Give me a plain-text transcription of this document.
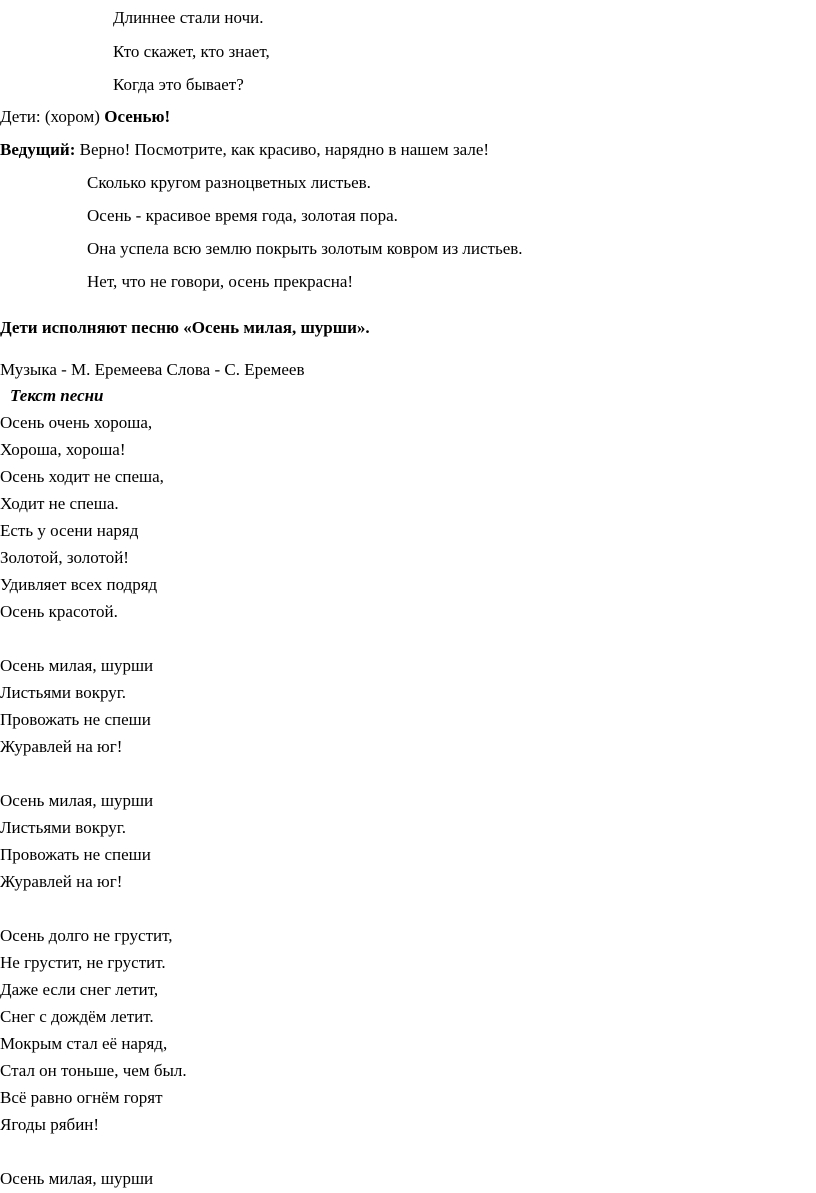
Длиннее стали ночи.
Кто скажет, кто знает,
Когда это бывает?
Дети: (хором) Осенью!
Ведущий: Верно! Посмотрите, как красиво, нарядно в нашем зале!
Сколько кругом разноцветных листьев.
Осень - красивое время года, золотая пора.
Она успела всю землю покрыть золотым ковром из листьев.
Нет, что не говори, осень прекрасна!
Дети исполняют песню «Осень милая, шурши».
Музыка - М. Еремеева Слова - С. Еремеев
Текст песни
Осень очень хороша,
Хороша, хороша!
Осень ходит не спеша,
Ходит не спеша.
Есть у осени наряд
Золотой, золотой!
Удивляет всех подряд
Осень красотой.
Осень милая, шурши
Листьями вокруг.
Провожать не спеши
Журавлей на юг!
Осень милая, шурши
Листьями вокруг.
Провожать не спеши
Журавлей на юг!
Осень долго не грустит,
Не грустит, не грустит.
Даже если снег летит,
Снег с дождём летит.
Мокрым стал её наряд,
Стал он тоньше, чем был.
Всё равно огнём горят
Ягоды рябин!
Осень милая, шурши
